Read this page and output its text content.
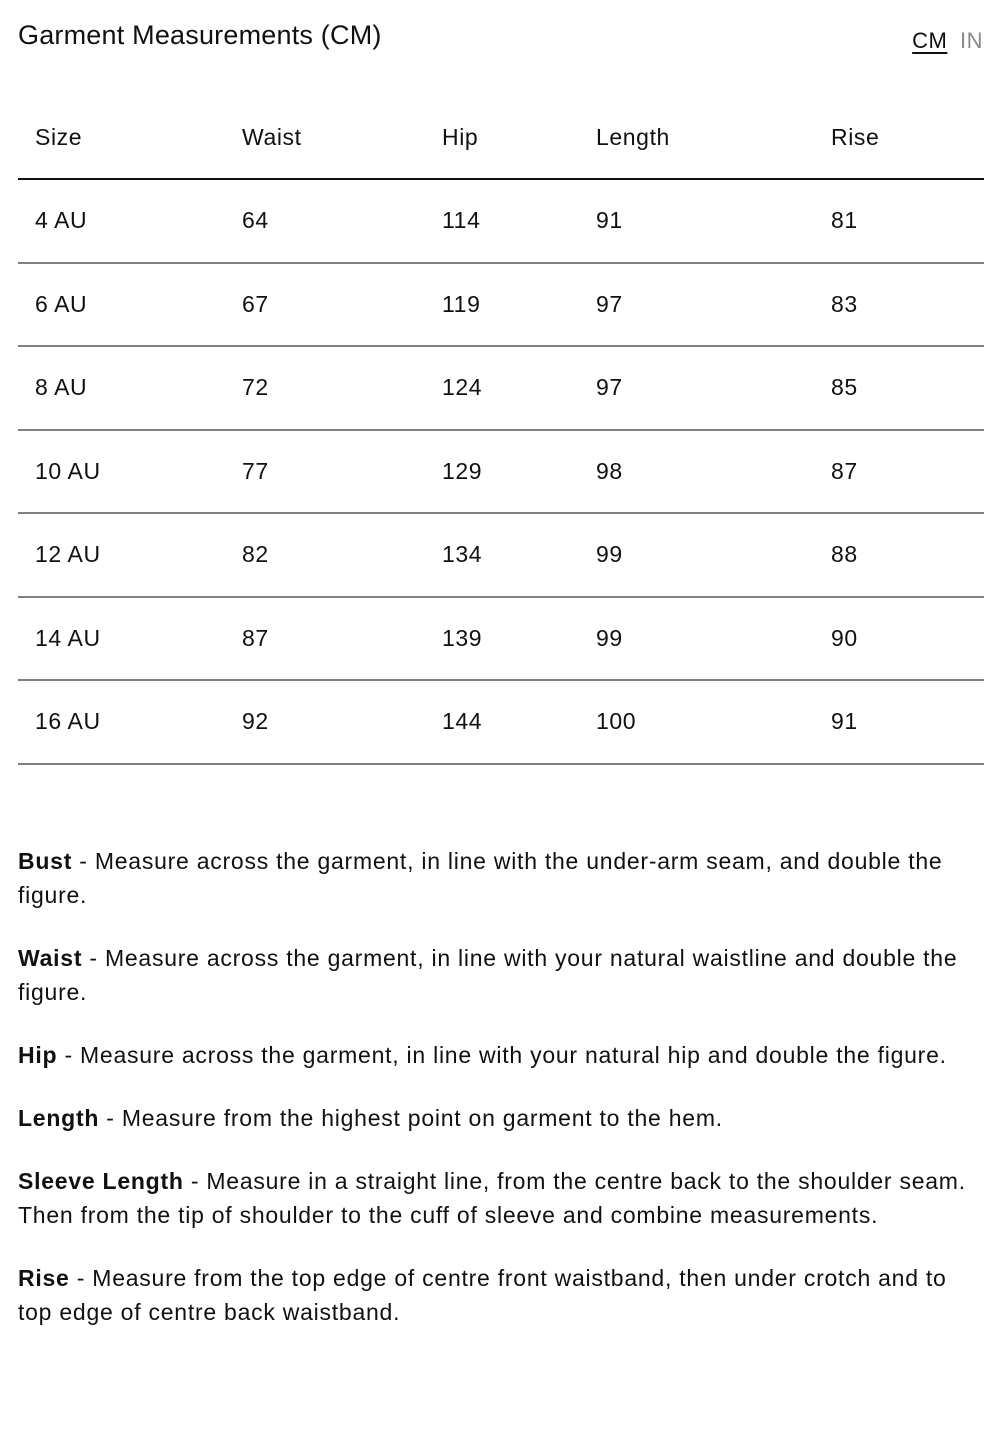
Garment Measurements (CM)	CM IN
Size	Waist	Hip	Length	Rise
4 AU	64	114	91	81
6 AU	67	119	97	83
8 AU	72	124	97	85
10 AU	77	129	98	87
12 AU	82	134	99	88
14 AU	87	139	99	90
16 AU	92	144	100	91

Bust - Measure across the garment, in line with the under-arm seam, and double the figure.

Waist - Measure across the garment, in line with your natural waistline and double the figure.

Hip - Measure across the garment, in line with your natural hip and double the figure.

Length - Measure from the highest point on garment to the hem.

Sleeve Length - Measure in a straight line, from the centre back to the shoulder seam. Then from the tip of shoulder to the cuff of sleeve and combine measurements.

Rise - Measure from the top edge of centre front waistband, then under crotch and to top edge of centre back waistband.
